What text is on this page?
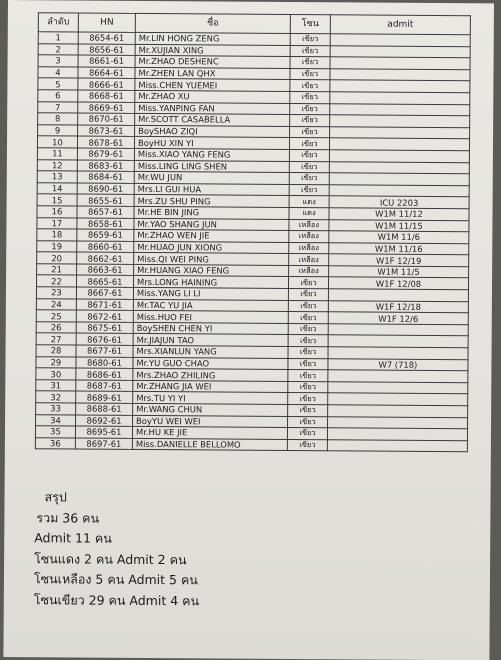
ลำดับ	HN	ชื่อ	โซน	admit
1	8654-61	Mr.LIN HONG ZENG	เขียว	
2	8656-61	Mr.XUJIAN XING	เขียว	
3	8661-61	Mr.ZHAO DESHENC	เขียว	
4	8664-61	Mr.ZHEN LAN QHX	เขียว	
5	8666-61	Miss.CHEN YUEMEI	เขียว	
6	8668-61	Mr.ZHAO XU	เขียว	
7	8669-61	Miss.YANPING FAN	เขียว	
8	8670-61	Mr.SCOTT CASABELLA	เขียว	
9	8673-61	BoySHAO ZIQI	เขียว	
10	8678-61	BoyHU XIN YI	เขียว	
11	8679-61	Miss.XIAO YANG FENG	เขียว	
12	8683-61	Miss.LING LING SHEN	เขียว	
13	8684-61	Mr.WU JUN	เขียว	
14	8690-61	Mrs.LI GUI HUA	เขียว	
15	8655-61	Mrs.ZU SHU PING	แดง	ICU 2203
16	8657-61	Mr.HE BIN JING	แดง	W1M 11/12
17	8658-61	Mr.YAO SHANG JUN	เหลือง	W1M 11/15
18	8659-61	Mr.ZHAO WEN JIE	เหลือง	W1M 11/6
19	8660-61	Mr.HUAO JUN XIONG	เหลือง	W1M 11/16
20	8662-61	Miss.QI WEI PING	เหลือง	W1F 12/19
21	8663-61	Mr.HUANG XIAO FENG	เหลือง	W1M 11/5
22	8665-61	Mrs.LONG HAINING	เขียว	W1F 12/08
23	8667-61	Miss.YANG LI LI	เขียว	
24	8671-61	Mr.TAC YU JIA	เขียว	W1F 12/18
25	8672-61	Miss.HUO FEI	เขียว	W1F 12/6
26	8675-61	BoySHEN CHEN YI	เขียว	
27	8676-61	Mr.JIAJUN TAO	เขียว	
28	8677-61	Mrs.XIANLUN YANG	เขียว	
29	8680-61	Mr.YU GUO CHAO	เขียว	W7 (718)
30	8686-61	Mrs.ZHAO ZHILING	เขียว	
31	8687-61	Mr.ZHANG JIA WEI	เขียว	
32	8689-61	Mrs.TU YI YI	เขียว	
33	8688-61	Mr.WANG CHUN	เขียว	
34	8692-61	BoyYU WEI WEI	เขียว	
35	8695-61	Mr.HU KE JIE	เขียว	
36	8697-61	Miss.DANIELLE BELLOMO	เขียว	
สรุป
รวม 36 คน
Admit 11 คน
โซนแดง 2 คน Admit 2 คน
โซนเหลือง 5 คน Admit 5 คน
โซนเขียว 29 คน Admit 4 คน
